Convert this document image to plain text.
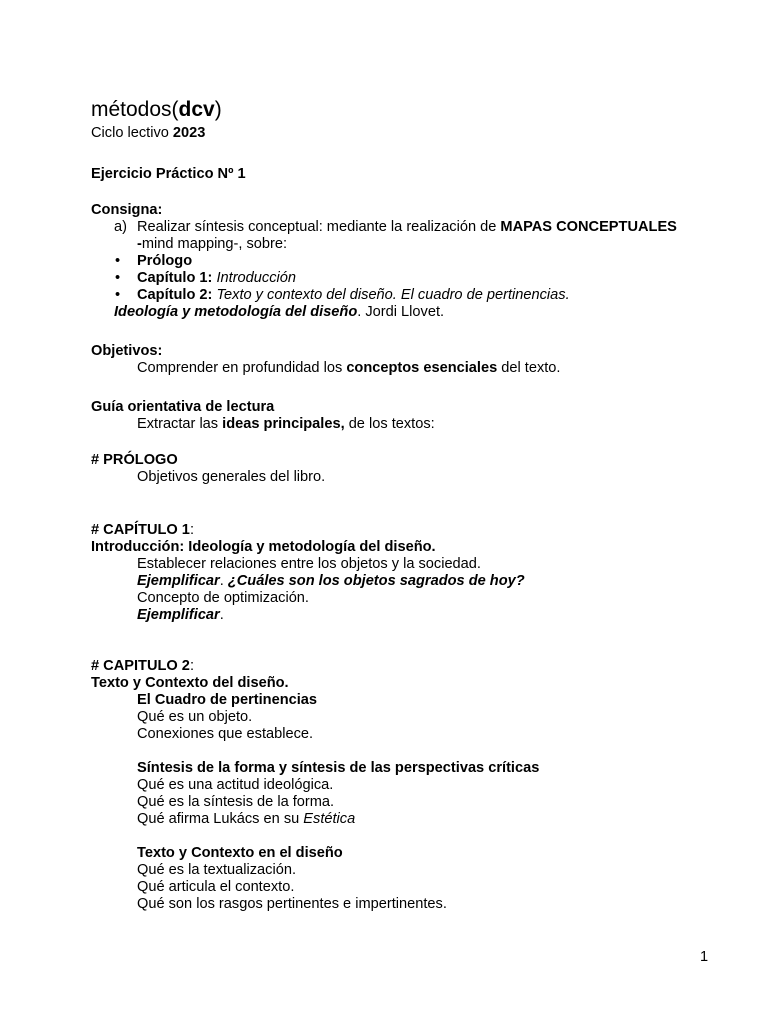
métodos(dcv)
Ciclo lectivo 2023
Ejercicio Práctico Nº 1
Consigna:
a) Realizar síntesis conceptual: mediante la realización de MAPAS CONCEPTUALES
-mind mapping-, sobre:
•	Prólogo
•	Capítulo 1: Introducción
•	Capítulo 2: Texto y contexto del diseño. El cuadro de pertinencias.
Ideología y metodología del diseño. Jordi Llovet.
Objetivos:
Comprender en profundidad los conceptos esenciales del texto.
Guía orientativa de lectura
Extractar las ideas principales, de los textos:
# PRÓLOGO
Objetivos generales del libro.
# CAPÍTULO 1:
Introducción: Ideología y metodología del diseño.
Establecer relaciones entre los objetos y la sociedad.
Ejemplificar. ¿Cuáles son los objetos sagrados de hoy?
Concepto de optimización.
Ejemplificar.
# CAPITULO 2:
Texto y Contexto del diseño.
El Cuadro de pertinencias
Qué es un objeto.
Conexiones que establece.
Síntesis de la forma y síntesis de las perspectivas críticas
Qué es una actitud ideológica.
Qué es la síntesis de la forma.
Qué afirma Lukács en su Estética
Texto y Contexto en el diseño
Qué es la textualización.
Qué articula el contexto.
Qué son los rasgos pertinentes e impertinentes.
1
